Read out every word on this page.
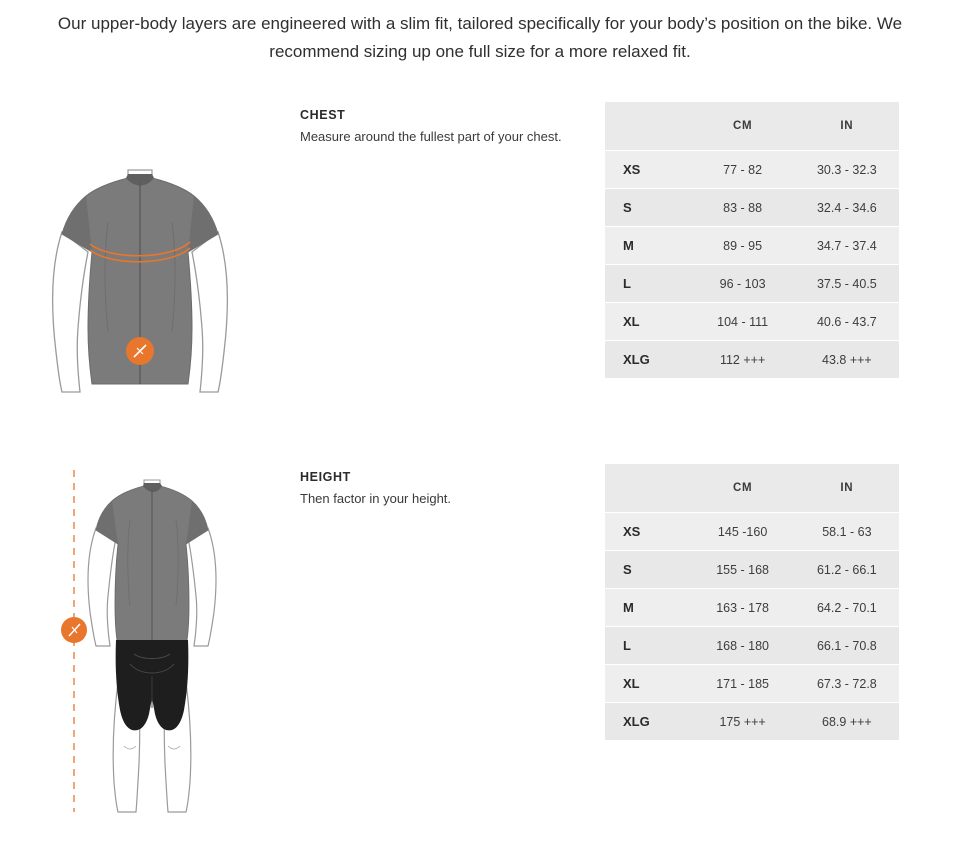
Our upper-body layers are engineered with a slim fit, tailored specifically for your body’s position on the bike. We recommend sizing up one full size for a more relaxed fit.
CHEST
Measure around the fullest part of your chest.
	CM	IN
XS	77 - 82	30.3 - 32.3
S	83 - 88	32.4 - 34.6
M	89 - 95	34.7 - 37.4
L	96 - 103	37.5 - 40.5
XL	104 - 111	40.6 - 43.7
XLG	112 +++	43.8 +++
HEIGHT
Then factor in your height.
	CM	IN
XS	145 -160	58.1 - 63
S	155 - 168	61.2 - 66.1
M	163 - 178	64.2 - 70.1
L	168 - 180	66.1 - 70.8
XL	171 - 185	67.3 - 72.8
XLG	175 +++	68.9 +++
